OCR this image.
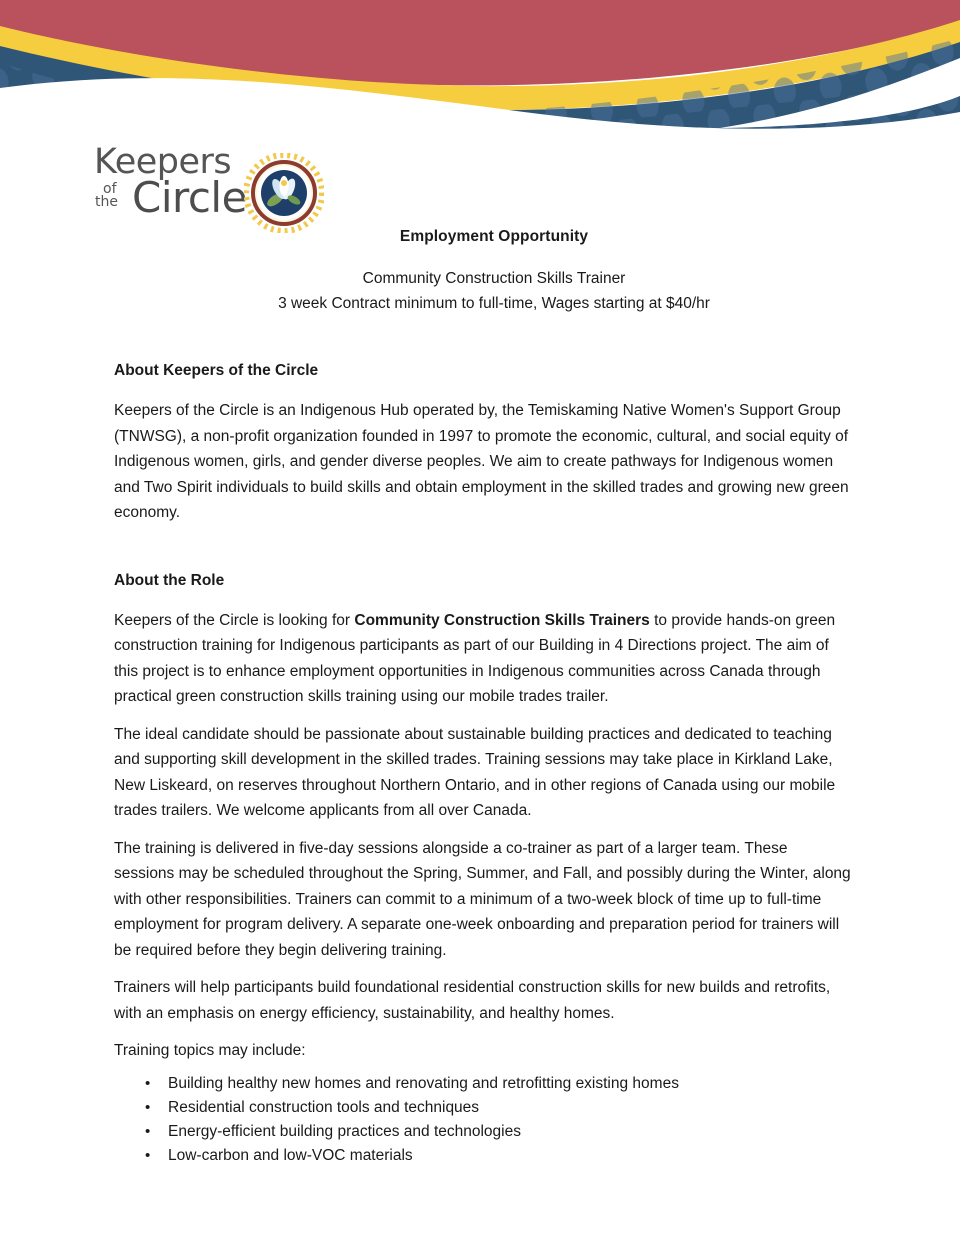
Keepers
of
the Circle
Employment Opportunity
Community Construction Skills Trainer
3 week Contract minimum to full-time, Wages starting at $40/hr
About Keepers of the Circle

Keepers of the Circle is an Indigenous Hub operated by, the Temiskaming Native Women's Support Group (TNWSG), a non-profit organization founded in 1997 to promote the economic, cultural, and social equity of Indigenous women, girls, and gender diverse peoples. We aim to create pathways for Indigenous women and Two Spirit individuals to build skills and obtain employment in the skilled trades and growing new green economy.

About the Role

Keepers of the Circle is looking for Community Construction Skills Trainers to provide hands-on green construction training for Indigenous participants as part of our Building in 4 Directions project. The aim of this project is to enhance employment opportunities in Indigenous communities across Canada through practical green construction skills training using our mobile trades trailer.

The ideal candidate should be passionate about sustainable building practices and dedicated to teaching and supporting skill development in the skilled trades. Training sessions may take place in Kirkland Lake, New Liskeard, on reserves throughout Northern Ontario, and in other regions of Canada using our mobile trades trailers. We welcome applicants from all over Canada.

The training is delivered in five-day sessions alongside a co-trainer as part of a larger team. These sessions may be scheduled throughout the Spring, Summer, and Fall, and possibly during the Winter, along with other responsibilities. Trainers can commit to a minimum of a two-week block of time up to full-time employment for program delivery. A separate one-week onboarding and preparation period for trainers will be required before they begin delivering training.

Trainers will help participants build foundational residential construction skills for new builds and retrofits, with an emphasis on energy efficiency, sustainability, and healthy homes.

Training topics may include:

• Building healthy new homes and renovating and retrofitting existing homes
• Residential construction tools and techniques
• Energy-efficient building practices and technologies
• Low-carbon and low-VOC materials
